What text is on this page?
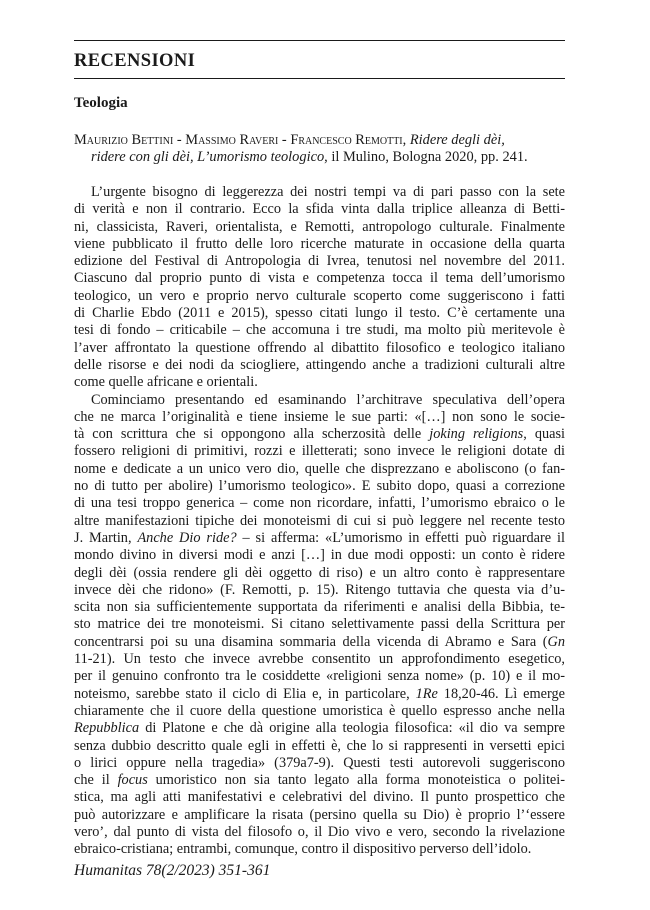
RECENSIONI
Teologia
Maurizio Bettini - Massimo Raveri - Francesco Remotti, Ridere degli dèi,
ridere con gli dèi, L’umorismo teologico, il Mulino, Bologna 2020, pp. 241.
L’urgente bisogno di leggerezza dei nostri tempi va di pari passo con la sete
di verità e non il contrario. Ecco la sfida vinta dalla triplice alleanza di Betti-
ni, classicista, Raveri, orientalista, e Remotti, antropologo culturale. Finalmente
viene pubblicato il frutto delle loro ricerche maturate in occasione della quarta
edizione del Festival di Antropologia di Ivrea, tenutosi nel novembre del 2011.
Ciascuno dal proprio punto di vista e competenza tocca il tema dell’umorismo
teologico, un vero e proprio nervo culturale scoperto come suggeriscono i fatti
di Charlie Ebdo (2011 e 2015), spesso citati lungo il testo. C’è certamente una
tesi di fondo – criticabile – che accomuna i tre studi, ma molto più meritevole è
l’aver affrontato la questione offrendo al dibattito filosofico e teologico italiano
delle risorse e dei nodi da sciogliere, attingendo anche a tradizioni culturali altre
come quelle africane e orientali.
Cominciamo presentando ed esaminando l’architrave speculativa dell’opera
che ne marca l’originalità e tiene insieme le sue parti: «[…] non sono le socie-
tà con scrittura che si oppongono alla scherzosità delle joking religions, quasi
fossero religioni di primitivi, rozzi e illetterati; sono invece le religioni dotate di
nome e dedicate a un unico vero dio, quelle che disprezzano e aboliscono (o fan-
no di tutto per abolire) l’umorismo teologico». E subito dopo, quasi a correzione
di una tesi troppo generica – come non ricordare, infatti, l’umorismo ebraico o le
altre manifestazioni tipiche dei monoteismi di cui si può leggere nel recente testo
J. Martin, Anche Dio ride? – si afferma: «L’umorismo in effetti può riguardare il
mondo divino in diversi modi e anzi […] in due modi opposti: un conto è ridere
degli dèi (ossia rendere gli dèi oggetto di riso) e un altro conto è rappresentare
invece dèi che ridono» (F. Remotti, p. 15). Ritengo tuttavia che questa via d’u-
scita non sia sufficientemente supportata da riferimenti e analisi della Bibbia, te-
sto matrice dei tre monoteismi. Si citano selettivamente passi della Scrittura per
concentrarsi poi su una disamina sommaria della vicenda di Abramo e Sara (Gn
11-21). Un testo che invece avrebbe consentito un approfondimento esegetico,
per il genuino confronto tra le cosiddette «religioni senza nome» (p. 10) e il mo-
noteismo, sarebbe stato il ciclo di Elia e, in particolare, 1Re 18,20-46. Lì emerge
chiaramente che il cuore della questione umoristica è quello espresso anche nella
Repubblica di Platone e che dà origine alla teologia filosofica: «il dio va sempre
senza dubbio descritto quale egli in effetti è, che lo si rappresenti in versetti epici
o lirici oppure nella tragedia» (379a7-9). Questi testi autorevoli suggeriscono
che il focus umoristico non sia tanto legato alla forma monoteistica o politei-
stica, ma agli atti manifestativi e celebrativi del divino. Il punto prospettico che
può autorizzare e amplificare la risata (persino quella su Dio) è proprio l’‘essere
vero’, dal punto di vista del filosofo o, il Dio vivo e vero, secondo la rivelazione
ebraico-cristiana; entrambi, comunque, contro il dispositivo perverso dell’idolo.
Humanitas 78(2/2023) 351-361
